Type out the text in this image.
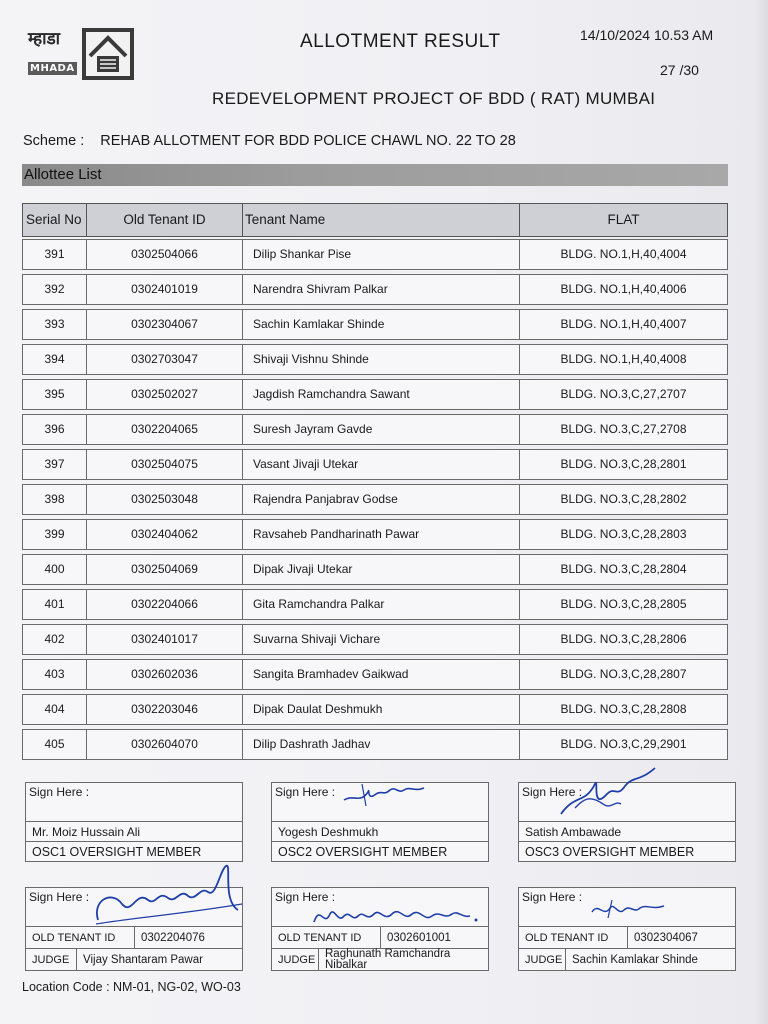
म्हाडा
MHADA
ALLOTMENT RESULT	14/10/2024 10.53 AM
27 /30
REDEVELOPMENT PROJECT OF BDD ( RAT) MUMBAI
Scheme : REHAB ALLOTMENT FOR BDD POLICE CHAWL NO. 22 TO 28
Allottee List
Serial No	Old Tenant ID	Tenant Name	FLAT
391	0302504066	Dilip Shankar Pise	BLDG. NO.1,H,40,4004
392	0302401019	Narendra Shivram Palkar	BLDG. NO.1,H,40,4006
393	0302304067	Sachin Kamlakar Shinde	BLDG. NO.1,H,40,4007
394	0302703047	Shivaji Vishnu Shinde	BLDG. NO.1,H,40,4008
395	0302502027	Jagdish Ramchandra Sawant	BLDG. NO.3,C,27,2707
396	0302204065	Suresh Jayram Gavde	BLDG. NO.3,C,27,2708
397	0302504075	Vasant Jivaji Utekar	BLDG. NO.3,C,28,2801
398	0302503048	Rajendra Panjabrav Godse	BLDG. NO.3,C,28,2802
399	0302404062	Ravsaheb Pandharinath Pawar	BLDG. NO.3,C,28,2803
400	0302504069	Dipak Jivaji Utekar	BLDG. NO.3,C,28,2804
401	0302204066	Gita Ramchandra Palkar	BLDG. NO.3,C,28,2805
402	0302401017	Suvarna Shivaji Vichare	BLDG. NO.3,C,28,2806
403	0302602036	Sangita Bramhadev Gaikwad	BLDG. NO.3,C,28,2807
404	0302203046	Dipak Daulat Deshmukh	BLDG. NO.3,C,28,2808
405	0302604070	Dilip Dashrath Jadhav	BLDG. NO.3,C,29,2901
Sign Here :
Mr. Moiz Hussain Ali
OSC1 OVERSIGHT MEMBER
Sign Here :
Yogesh Deshmukh
OSC2 OVERSIGHT MEMBER
Sign Here :
Satish Ambawade
OSC3 OVERSIGHT MEMBER
Sign Here :
OLD TENANT ID	0302204076
JUDGE	Vijay Shantaram Pawar
Sign Here :
OLD TENANT ID	0302601001
JUDGE Raghunath Ramchandra Nibalkar
Sign Here :
OLD TENANT ID	0302304067
JUDGE Sachin Kamlakar Shinde
Location Code : NM-01, NG-02, WO-03
